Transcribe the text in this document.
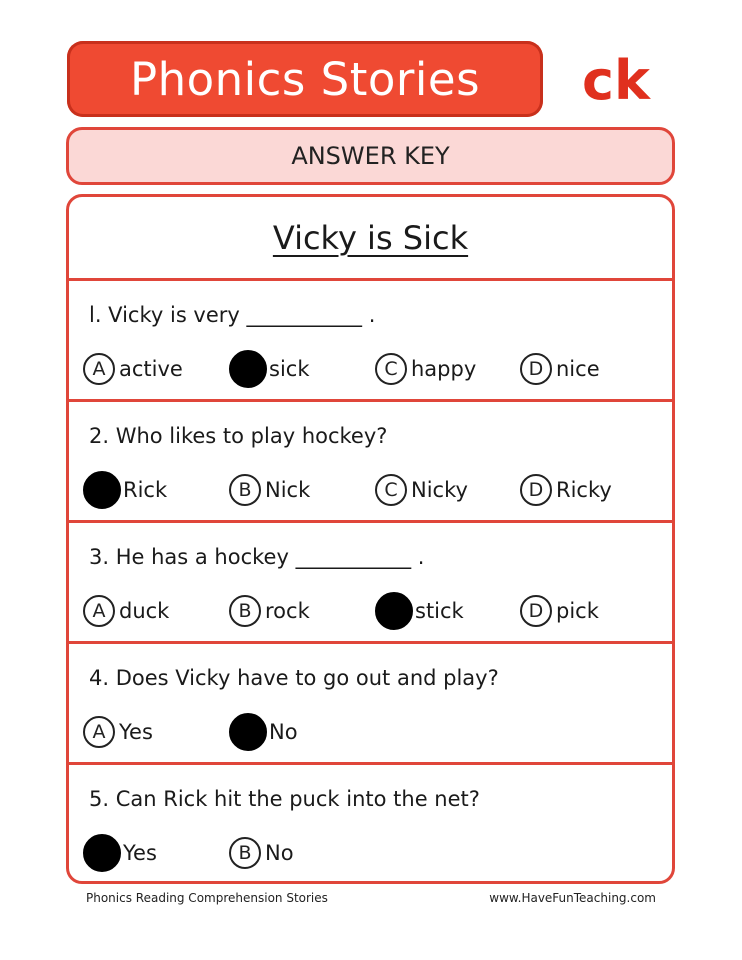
Phonics Stories	ck
ANSWER KEY
Vicky is Sick
l. Vicky is very ___________ .
A active	sick	C happy	D nice
2. Who likes to play hockey?
Rick	B Nick	C Nicky	D Ricky
3. He has a hockey ___________ .
A duck	B rock	stick	D pick
4. Does Vicky have to go out and play?
A Yes	No
5. Can Rick hit the puck into the net?
Yes	B No
Phonics Reading Comprehension Stories	www.HaveFunTeaching.com
